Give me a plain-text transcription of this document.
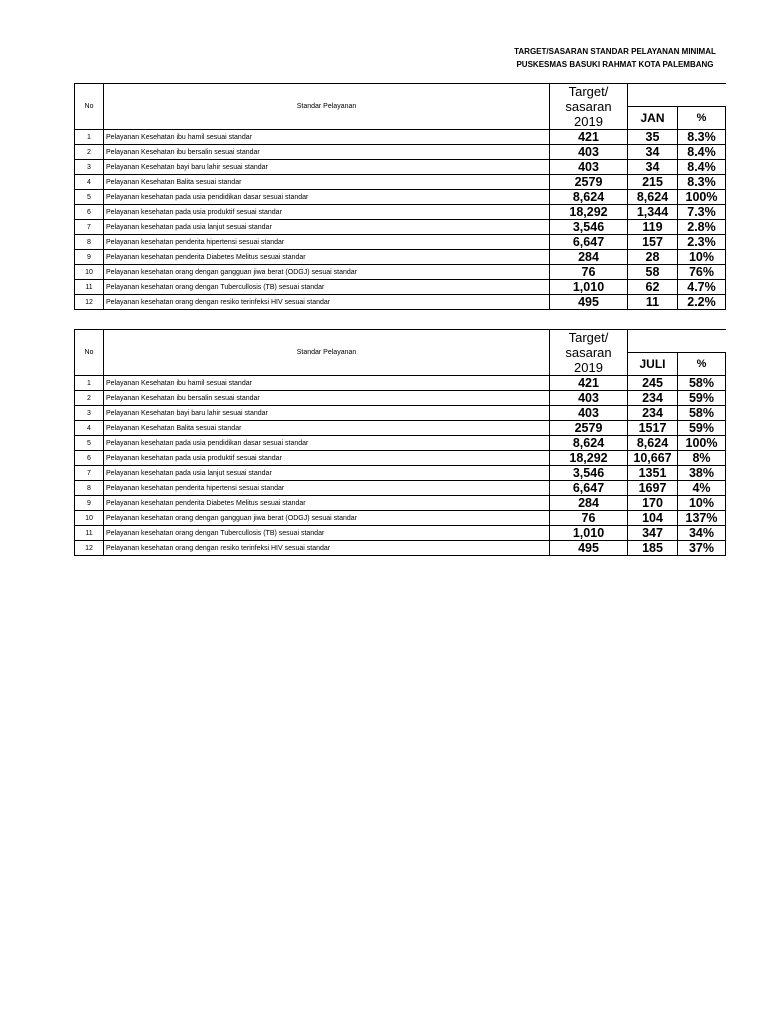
TARGET/SASARAN STANDAR PELAYANAN MINIMAL
PUSKESMAS BASUKI RAHMAT KOTA PALEMBANG
No	Standar Pelayanan	Target/ sasaran 2019		
			JAN	%
1	Pelayanan Kesehatan ibu hamil sesuai standar	421	35	8.3%
2	Pelayanan Kesehatan ibu bersalin sesuai standar	403	34	8.4%
3	Pelayanan Kesehatan bayi baru lahir sesuai standar	403	34	8.4%
4	Pelayanan Kesehatan Balita sesuai standar	2579	215	8.3%
5	Pelayanan kesehatan pada usia pendidikan dasar sesuai standar	8,624	8,624	100%
6	Pelayanan kesehatan pada usia produktif sesuai standar	18,292	1,344	7.3%
7	Pelayanan kesehatan pada usia lanjut sesuai standar	3,546	119	2.8%
8	Pelayanan kesehatan penderita hipertensi sesuai standar	6,647	157	2.3%
9	Pelayanan kesehatan penderita Diabetes Melitus sesuai standar	284	28	10%
10	Pelayanan kesehatan orang dengan gangguan jiwa berat (ODGJ) sesuai standar	76	58	76%
11	Pelayanan kesehatan orang dengan Tubercullosis (TB) sesuai standar	1,010	62	4.7%
12	Pelayanan kesehatan orang dengan resiko terinfeksi HIV sesuai standar	495	11	2.2%
No	Standar Pelayanan	Target/ sasaran 2019		
			JULI	%
1	Pelayanan Kesehatan ibu hamil sesuai standar	421	245	58%
2	Pelayanan Kesehatan ibu bersalin sesuai standar	403	234	59%
3	Pelayanan Kesehatan bayi baru lahir sesuai standar	403	234	58%
4	Pelayanan Kesehatan Balita sesuai standar	2579	1517	59%
5	Pelayanan kesehatan pada usia pendidikan dasar sesuai standar	8,624	8,624	100%
6	Pelayanan kesehatan pada usia produktif sesuai standar	18,292	10,667	8%
7	Pelayanan kesehatan pada usia lanjut sesuai standar	3,546	1351	38%
8	Pelayanan kesehatan penderita hipertensi sesuai standar	6,647	1697	4%
9	Pelayanan kesehatan penderita Diabetes Melitus sesuai standar	284	170	10%
10	Pelayanan kesehatan orang dengan gangguan jiwa berat (ODGJ) sesuai standar	76	104	137%
11	Pelayanan kesehatan orang dengan Tubercullosis (TB) sesuai standar	1,010	347	34%
12	Pelayanan kesehatan orang dengan resiko terinfeksi HIV sesuai standar	495	185	37%
